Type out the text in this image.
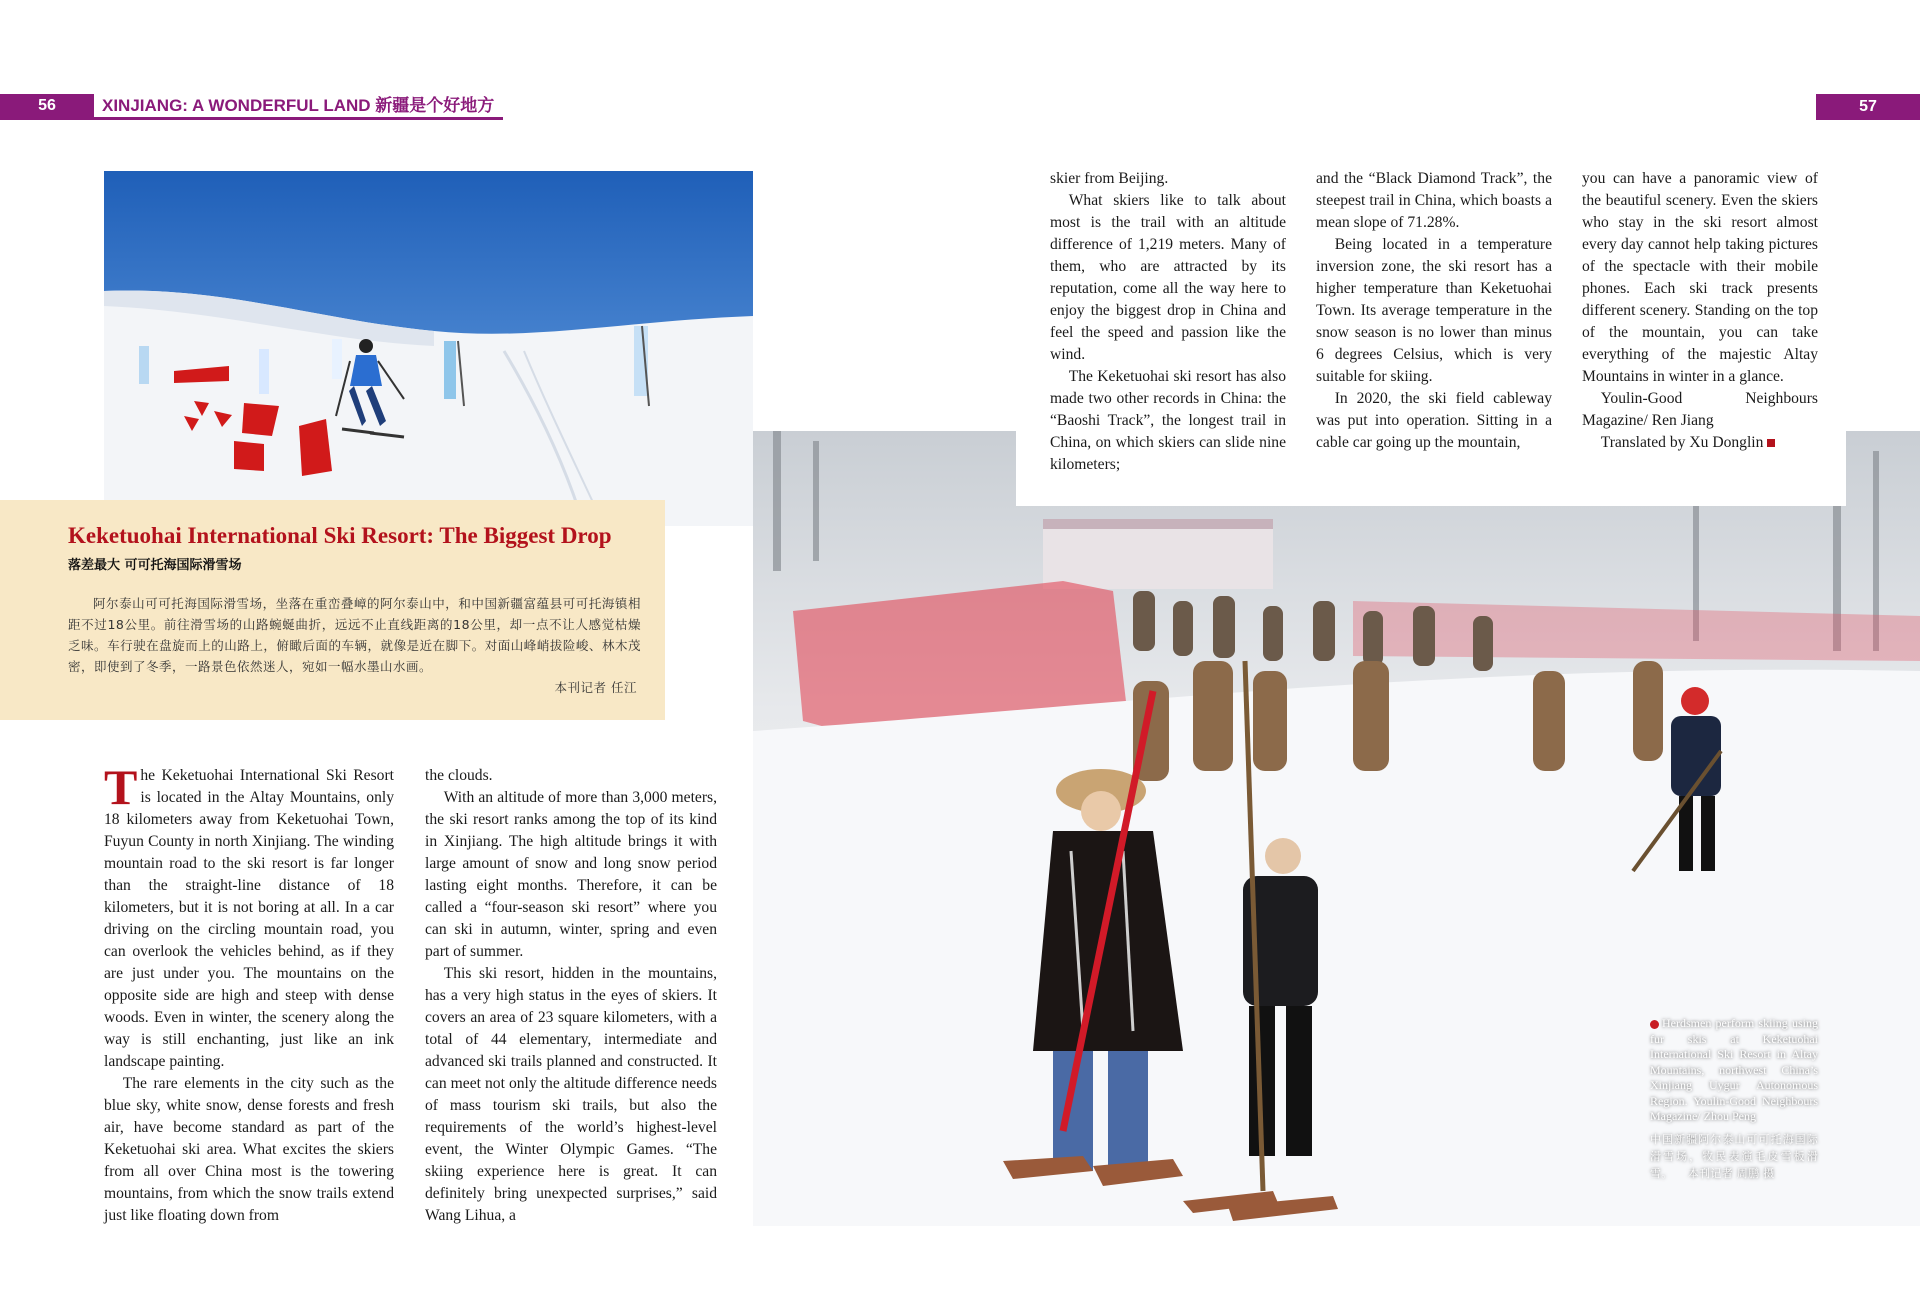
56	XINJIANG: A WONDERFUL LAND 新疆是个好地方	57
Keketuohai International Ski Resort: The Biggest Drop
落差最大 可可托海国际滑雪场
阿尔泰山可可托海国际滑雪场，坐落在重峦叠嶂的阿尔泰山中，和中国新疆富蕴县可可托海镇相距不过18公里。前往滑雪场的山路蜿蜒曲折，远远不止直线距离的18公里，却一点不让人感觉枯燥乏味。车行驶在盘旋而上的山路上，俯瞰后面的车辆，就像是近在脚下。对面山峰峭拔险峻、林木茂密，即使到了冬季，一路景色依然迷人，宛如一幅水墨山水画。
本刊记者 任江

The Keketuohai International Ski Resort is located in the Altay Mountains, only 18 kilometers away from Keketuohai Town, Fuyun County in north Xinjiang. The winding mountain road to the ski resort is far longer than the straight-line distance of 18 kilometers, but it is not boring at all. In a car driving on the circling mountain road, you can overlook the vehicles behind, as if they are just under you. The mountains on the opposite side are high and steep with dense woods. Even in winter, the scenery along the way is still enchanting, just like an ink landscape painting.

The rare elements in the city such as the blue sky, white snow, dense forests and fresh air, have become standard as part of the Keketuohai ski area. What excites the skiers from all over China most is the towering mountains, from which the snow trails extend just like floating down from

the clouds.

With an altitude of more than 3,000 meters, the ski resort ranks among the top of its kind in Xinjiang. The high altitude brings it with large amount of snow and long snow period lasting eight months. Therefore, it can be called a “four-season ski resort” where you can ski in autumn, winter, spring and even part of summer.

This ski resort, hidden in the mountains, has a very high status in the eyes of skiers. It covers an area of 23 square kilometers, with a total of 44 elementary, intermediate and advanced ski trails planned and constructed. It can meet not only the altitude difference needs of mass tourism ski trails, but also the requirements of the world’s highest-level event, the Winter Olympic Games. “The skiing experience here is great. It can definitely bring unexpected surprises,” said Wang Lihua, a

skier from Beijing.

What skiers like to talk about most is the trail with an altitude difference of 1,219 meters. Many of them, who are attracted by its reputation, come all the way here to enjoy the biggest drop in China and feel the speed and passion like the wind.

The Keketuohai ski resort has also made two other records in China: the “Baoshi Track”, the longest trail in China, on which skiers can slide nine kilometers;

and the “Black Diamond Track”, the steepest trail in China, which boasts a mean slope of 71.28%.

Being located in a temperature inversion zone, the ski resort has a higher temperature than Keketuohai Town. Its average temperature in the snow season is no lower than minus 6 degrees Celsius, which is very suitable for skiing.

In 2020, the ski field cableway was put into operation. Sitting in a cable car going up the mountain,

you can have a panoramic view of the beautiful scenery. Even the skiers who stay in the ski resort almost every day cannot help taking pictures of the spectacle with their mobile phones. Each ski track presents different scenery. Standing on the top of the mountain, you can take everything of the majestic Altay Mountains in winter in a glance.

Youlin-Good Neighbours Magazine/ Ren Jiang

Translated by Xu Donglin

Herdsmen perform skiing using fur skis at Keketuohai International Ski Resort in Altay Mountains, northwest China’s Xinjiang Uygur Autonomous Region. Youlin-Good Neighbours Magazine/ Zhou Peng
中国新疆阿尔泰山可可托海国际滑雪场，牧民表演毛皮雪板滑雪。 本刊记者 周鹏 摄
